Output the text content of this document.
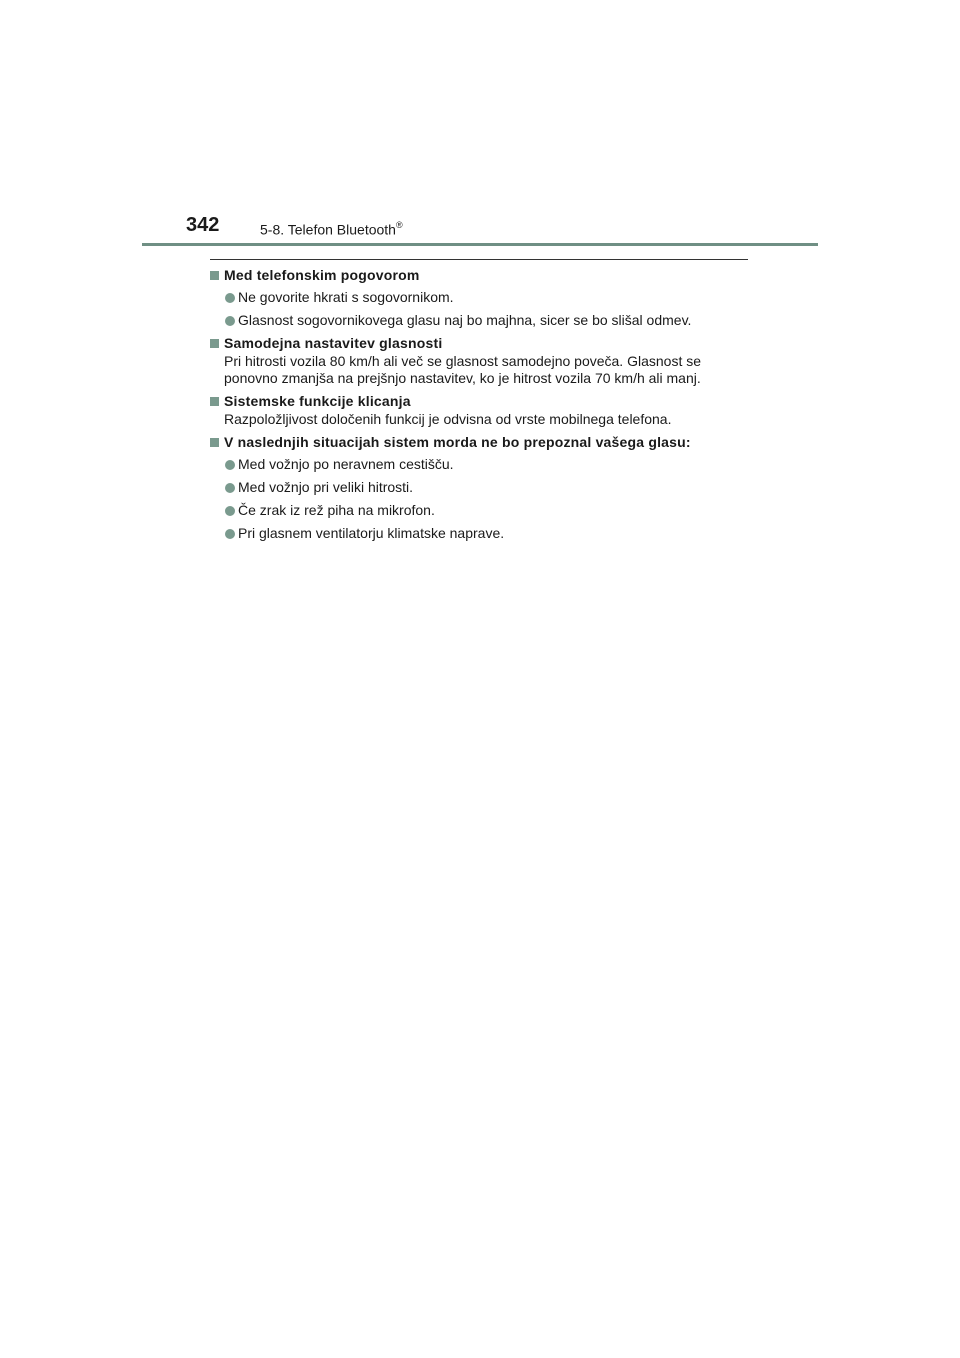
342	5-8. Telefon Bluetooth®
Med telefonskim pogovorom
Ne govorite hkrati s sogovornikom.
Glasnost sogovornikovega glasu naj bo majhna, sicer se bo slišal odmev.
Samodejna nastavitev glasnosti
Pri hitrosti vozila 80 km/h ali več se glasnost samodejno poveča. Glasnost se ponovno zmanjša na prejšnjo nastavitev, ko je hitrost vozila 70 km/h ali manj.
Sistemske funkcije klicanja
Razpoložljivost določenih funkcij je odvisna od vrste mobilnega telefona.
V naslednjih situacijah sistem morda ne bo prepoznal vašega glasu:
Med vožnjo po neravnem cestišču.
Med vožnjo pri veliki hitrosti.
Če zrak iz rež piha na mikrofon.
Pri glasnem ventilatorju klimatske naprave.
